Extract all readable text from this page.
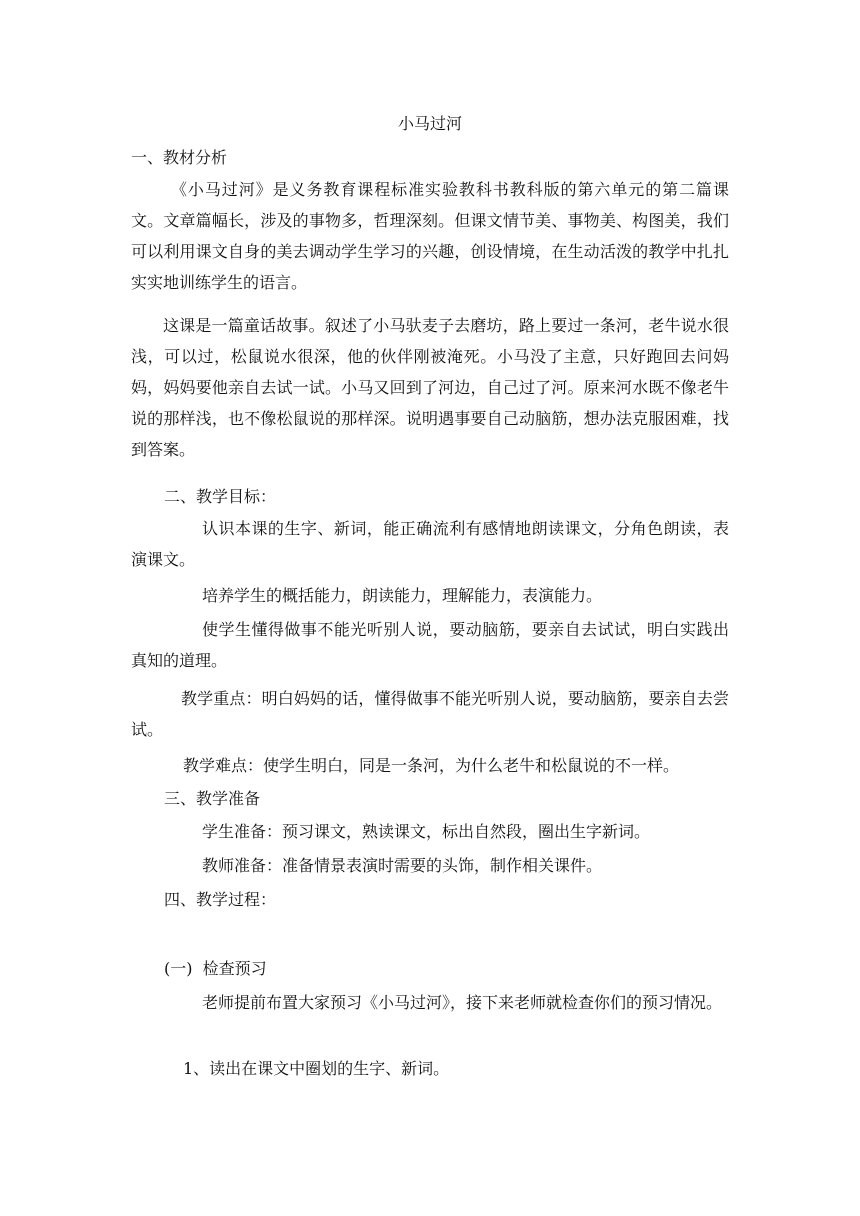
小马过河

一、教材分析

《小马过河》是义务教育课程标准实验教科书教科版的第六单元的第二篇课文。文章篇幅长，涉及的事物多，哲理深刻。但课文情节美、事物美、构图美，我们可以利用课文自身的美去调动学生学习的兴趣，创设情境，在生动活泼的教学中扎扎实实地训练学生的语言。

这课是一篇童话故事。叙述了小马驮麦子去磨坊，路上要过一条河，老牛说水很浅，可以过，松鼠说水很深，他的伙伴刚被淹死。小马没了主意，只好跑回去问妈妈，妈妈要他亲自去试一试。小马又回到了河边，自己过了河。原来河水既不像老牛说的那样浅，也不像松鼠说的那样深。说明遇事要自己动脑筋，想办法克服困难，找到答案。

二、教学目标：

认识本课的生字、新词，能正确流利有感情地朗读课文，分角色朗读，表演课文。

培养学生的概括能力，朗读能力，理解能力，表演能力。

使学生懂得做事不能光听别人说，要动脑筋，要亲自去试试，明白实践出真知的道理。

教学重点：明白妈妈的话，懂得做事不能光听别人说，要动脑筋，要亲自去尝试。

教学难点：使学生明白，同是一条河，为什么老牛和松鼠说的不一样。

三、教学准备

学生准备：预习课文，熟读课文，标出自然段，圈出生字新词。

教师准备：准备情景表演时需要的头饰，制作相关课件。

四、教学过程：

(一)  检查预习

老师提前布置大家预习《小马过河》，接下来老师就检查你们的预习情况。

1、读出在课文中圈划的生字、新词。
